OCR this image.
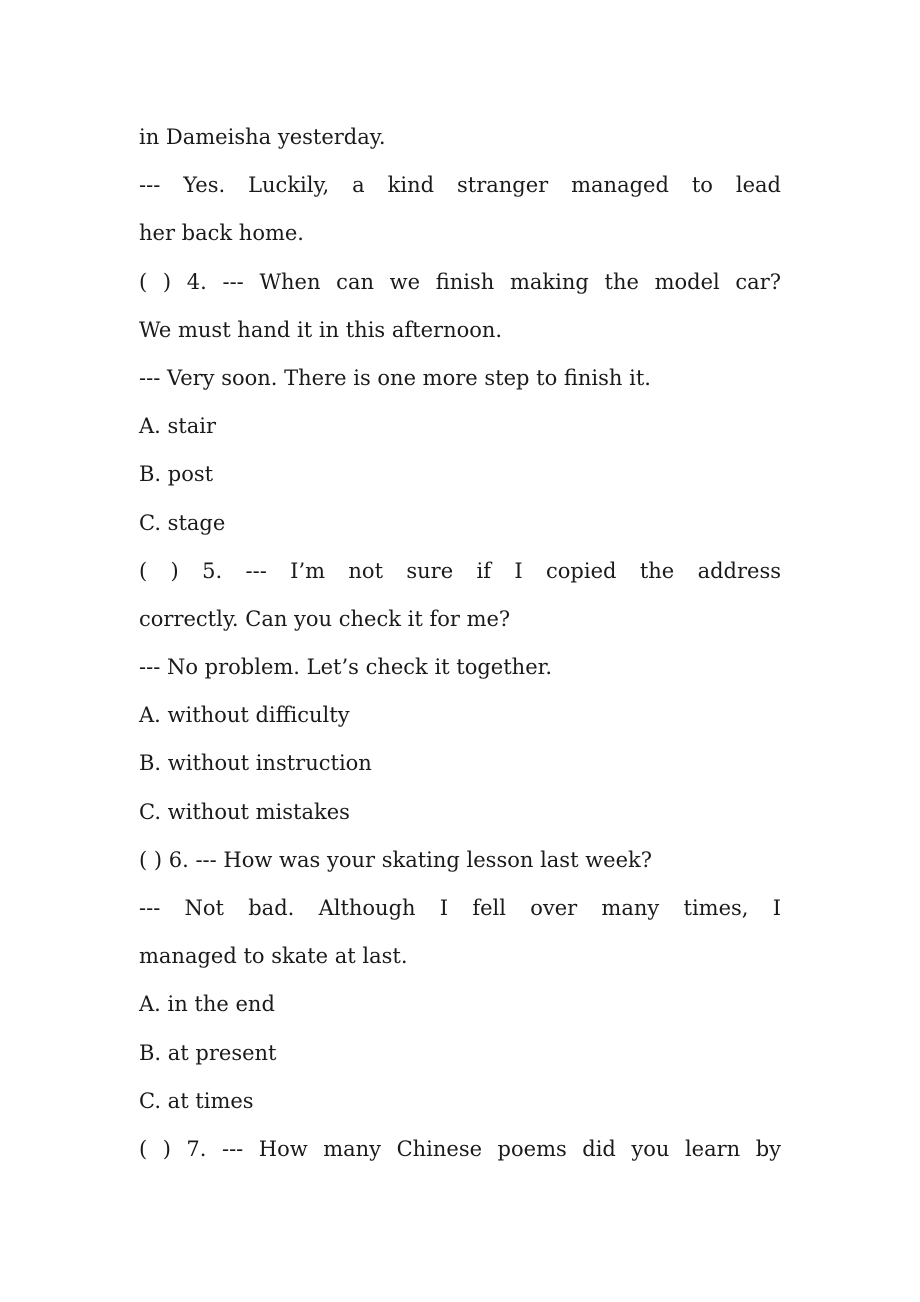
in Dameisha yesterday.
--- Yes. Luckily, a kind stranger managed to lead
her back home.
( ) 4. --- When can we finish making the model car?
We must hand it in this afternoon.
--- Very soon. There is one more step to finish it.
A. stair
B. post
C. stage
( ) 5. --- I’m not sure if I copied the address
correctly. Can you check it for me?
--- No problem. Let’s check it together.
A. without difficulty
B. without instruction
C. without mistakes
( ) 6. --- How was your skating lesson last week?
--- Not bad. Although I fell over many times, I
managed to skate at last.
A. in the end
B. at present
C. at times
( ) 7. --- How many Chinese poems did you learn by
